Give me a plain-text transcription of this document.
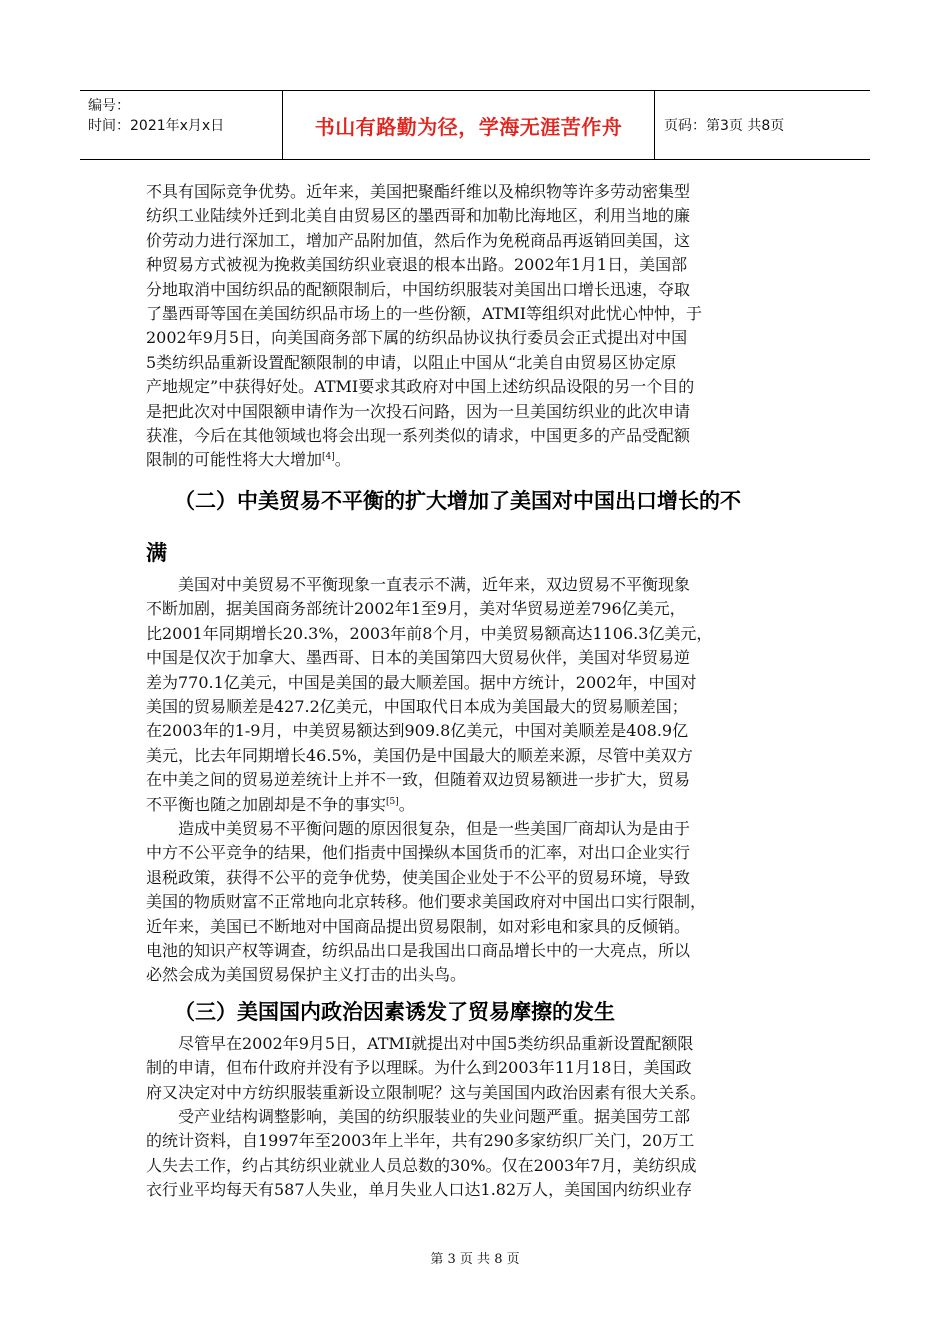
编号：
时间：2021年x月x日	书山有路勤为径，学海无涯苦作舟	页码：第3页 共8页
不具有国际竞争优势。近年来，美国把聚酯纤维以及棉织物等许多劳动密集型
纺织工业陆续外迁到北美自由贸易区的墨西哥和加勒比海地区，利用当地的廉
价劳动力进行深加工，增加产品附加值，然后作为免税商品再返销回美国，这
种贸易方式被视为挽救美国纺织业衰退的根本出路。2002年1月1日，美国部
分地取消中国纺织品的配额限制后，中国纺织服装对美国出口增长迅速，夺取
了墨西哥等国在美国纺织品市场上的一些份额，ATMI等组织对此忧心忡忡，于
2002年9月5日，向美国商务部下属的纺织品协议执行委员会正式提出对中国
5类纺织品重新设置配额限制的申请，以阻止中国从“北美自由贸易区协定原
产地规定”中获得好处。ATMI要求其政府对中国上述纺织品设限的另一个目的
是把此次对中国限额申请作为一次投石问路，因为一旦美国纺织业的此次申请
获准，今后在其他领域也将会出现一系列类似的请求，中国更多的产品受配额
限制的可能性将大大增加[4]。
（二）中美贸易不平衡的扩大增加了美国对中国出口增长的不
满
美国对中美贸易不平衡现象一直表示不满，近年来，双边贸易不平衡现象
不断加剧，据美国商务部统计2002年1至9月，美对华贸易逆差796亿美元，
比2001年同期增长20.3%，2003年前8个月，中美贸易额高达1106.3亿美元，
中国是仅次于加拿大、墨西哥、日本的美国第四大贸易伙伴，美国对华贸易逆
差为770.1亿美元，中国是美国的最大顺差国。据中方统计，2002年，中国对
美国的贸易顺差是427.2亿美元，中国取代日本成为美国最大的贸易顺差国；
在2003年的1-9月，中美贸易额达到909.8亿美元，中国对美顺差是408.9亿
美元，比去年同期增长46.5%，美国仍是中国最大的顺差来源，尽管中美双方
在中美之间的贸易逆差统计上并不一致，但随着双边贸易额进一步扩大，贸易
不平衡也随之加剧却是不争的事实[5]。
造成中美贸易不平衡问题的原因很复杂，但是一些美国厂商却认为是由于
中方不公平竞争的结果，他们指责中国操纵本国货币的汇率，对出口企业实行
退税政策，获得不公平的竞争优势，使美国企业处于不公平的贸易环境，导致
美国的物质财富不正常地向北京转移。他们要求美国政府对中国出口实行限制，
近年来，美国已不断地对中国商品提出贸易限制，如对彩电和家具的反倾销。
电池的知识产权等调查，纺织品出口是我国出口商品增长中的一大亮点，所以
必然会成为美国贸易保护主义打击的出头鸟。
（三）美国国内政治因素诱发了贸易摩擦的发生
尽管早在2002年9月5日，ATMI就提出对中国5类纺织品重新设置配额限
制的申请，但布什政府并没有予以理睬。为什么到2003年11月18日，美国政
府又决定对中方纺织服装重新设立限制呢？这与美国国内政治因素有很大关系。
受产业结构调整影响，美国的纺织服装业的失业问题严重。据美国劳工部
的统计资料，自1997年至2003年上半年，共有290多家纺织厂关门，20万工
人失去工作，约占其纺织业就业人员总数的30%。仅在2003年7月，美纺织成
衣行业平均每天有587人失业，单月失业人口达1.82万人，美国国内纺织业存
第 3 页 共 8 页
